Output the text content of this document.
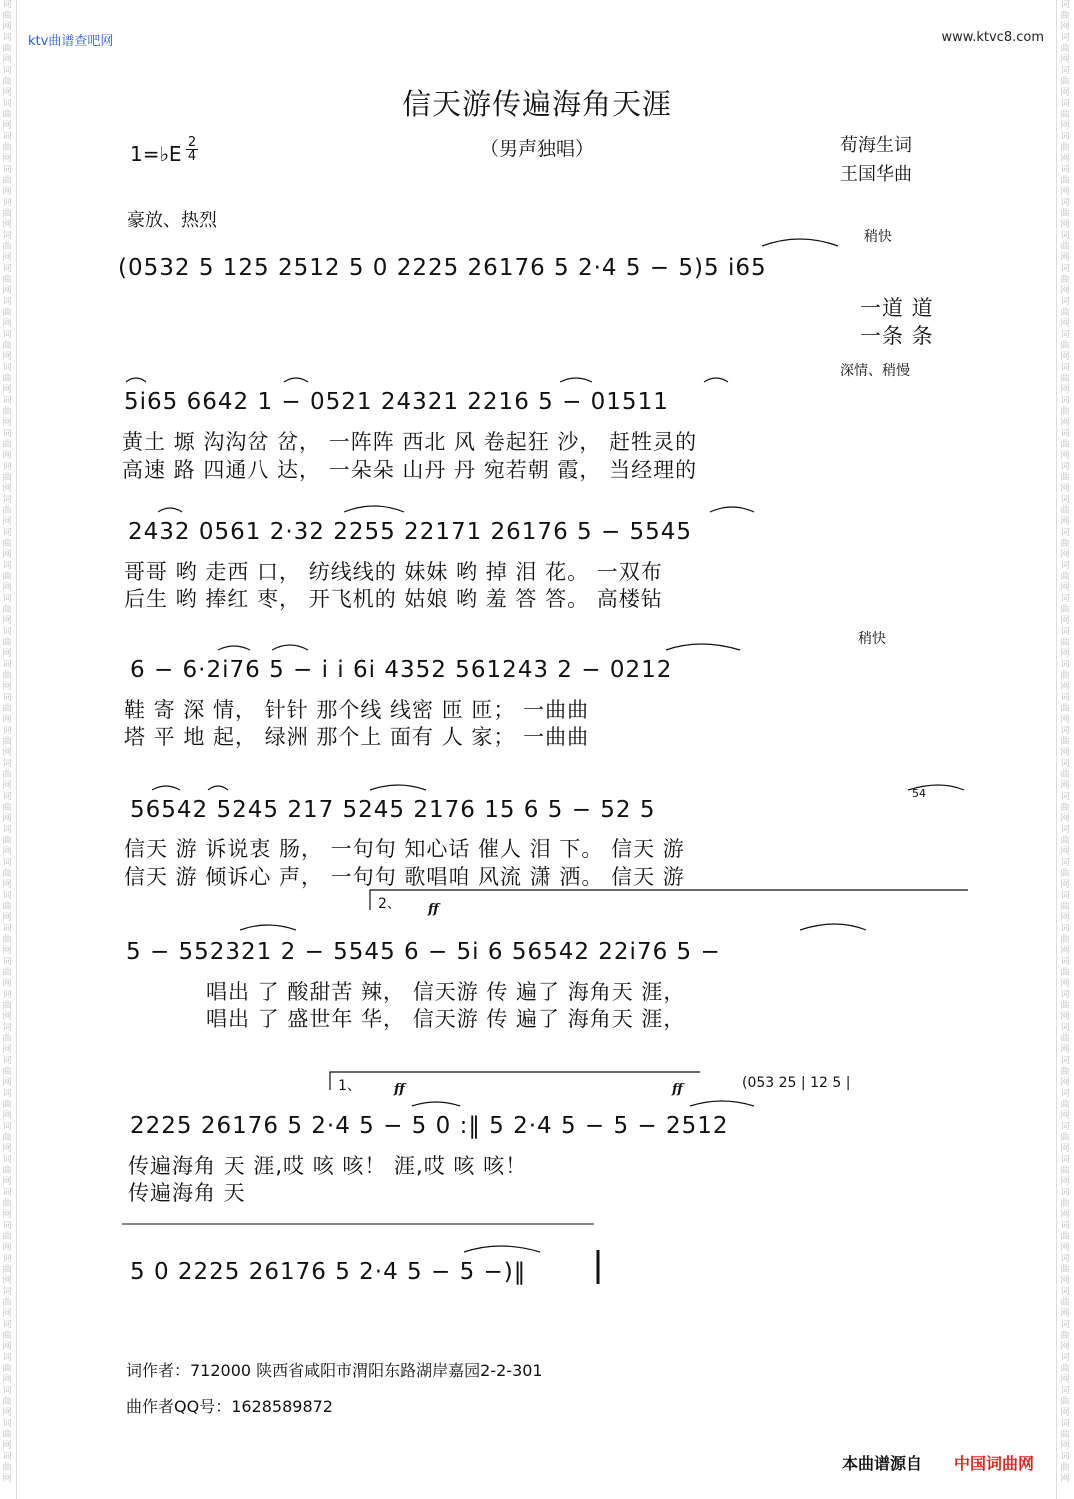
词曲网词曲网词曲网词曲网词曲网词曲网词曲网词曲网词曲网词曲网词曲网词曲网词曲网词曲网词曲网词曲网词曲网词曲网词曲网词曲网词曲网词曲网词曲网词曲网词曲网词曲网词曲网词曲网词曲网词曲网词曲网词曲网词曲网词曲网词曲网词曲网词曲网词曲网词曲网词曲网词曲网词曲网词曲网词曲网词曲网
词曲网词曲网词曲网词曲网词曲网词曲网词曲网词曲网词曲网词曲网词曲网词曲网词曲网词曲网词曲网词曲网词曲网词曲网词曲网词曲网词曲网词曲网词曲网词曲网词曲网词曲网词曲网词曲网词曲网词曲网词曲网词曲网词曲网词曲网词曲网词曲网词曲网词曲网词曲网词曲网词曲网词曲网词曲网词曲网词曲网
ktv曲谱查吧网	www.ktvc8.com
信天游传遍海角天涯
（男声独唱）
1=♭E 2
4
荀海生词
王国华曲
豪放、热烈
稍快
深情、稍慢
稍快
2、 ff
1、	ff	ff
54
(0532 5 125 2512 5 0 2225 26176 5 2·4 5 − 5)5 i65
一道 道
一条 条
5i65 6642 1 − 0521 24321 2216 5 − 01511
黄土 塬 沟沟岔 岔， 一阵阵 西北 风 卷起狂 沙， 赶牲灵的
高速 路 四通八 达， 一朵朵 山丹 丹 宛若朝 霞， 当经理的
2432 0561 2·32 2255 22171 26176 5 − 5545
哥哥 哟 走西 口， 纺线线的 妹妹 哟 掉 泪 花。 一双布
后生 哟 捧红 枣， 开飞机的 姑娘 哟 羞 答 答。 高楼钻
6 − 6·2i76 5 − i i 6i 4352 561243 2 − 0212
鞋 寄 深 情， 针针 那个线 线密 匝 匝； 一曲曲
塔 平 地 起， 绿洲 那个上 面有 人 家； 一曲曲
56542 5245 217 5245 2176 15 6 5 − 52 5
信天 游 诉说衷 肠， 一句句 知心话 催人 泪 下。 信天 游
信天 游 倾诉心 声， 一句句 歌唱咱 风流 潇 洒。 信天 游
5 − 552321 2 − 5545 6 − 5i 6 56542 22i76 5 −
唱出 了 酸甜苦 辣， 信天游 传 遍了 海角天 涯，
唱出 了 盛世年 华， 信天游 传 遍了 海角天 涯，
(053 25 | 12 5 |
2225 26176 5 2·4 5 − 5 0 :‖ 5 2·4 5 − 5 − 2512
传遍海角 天 涯,哎 咳 咳！ 涯,哎 咳 咳！
传遍海角 天
5 0 2225 26176 5 2·4 5 − 5 −)‖
词作者：712000 陕西省咸阳市渭阳东路湖岸嘉园2-2-301
曲作者QQ号：1628589872
本曲谱源自 中国词曲网
